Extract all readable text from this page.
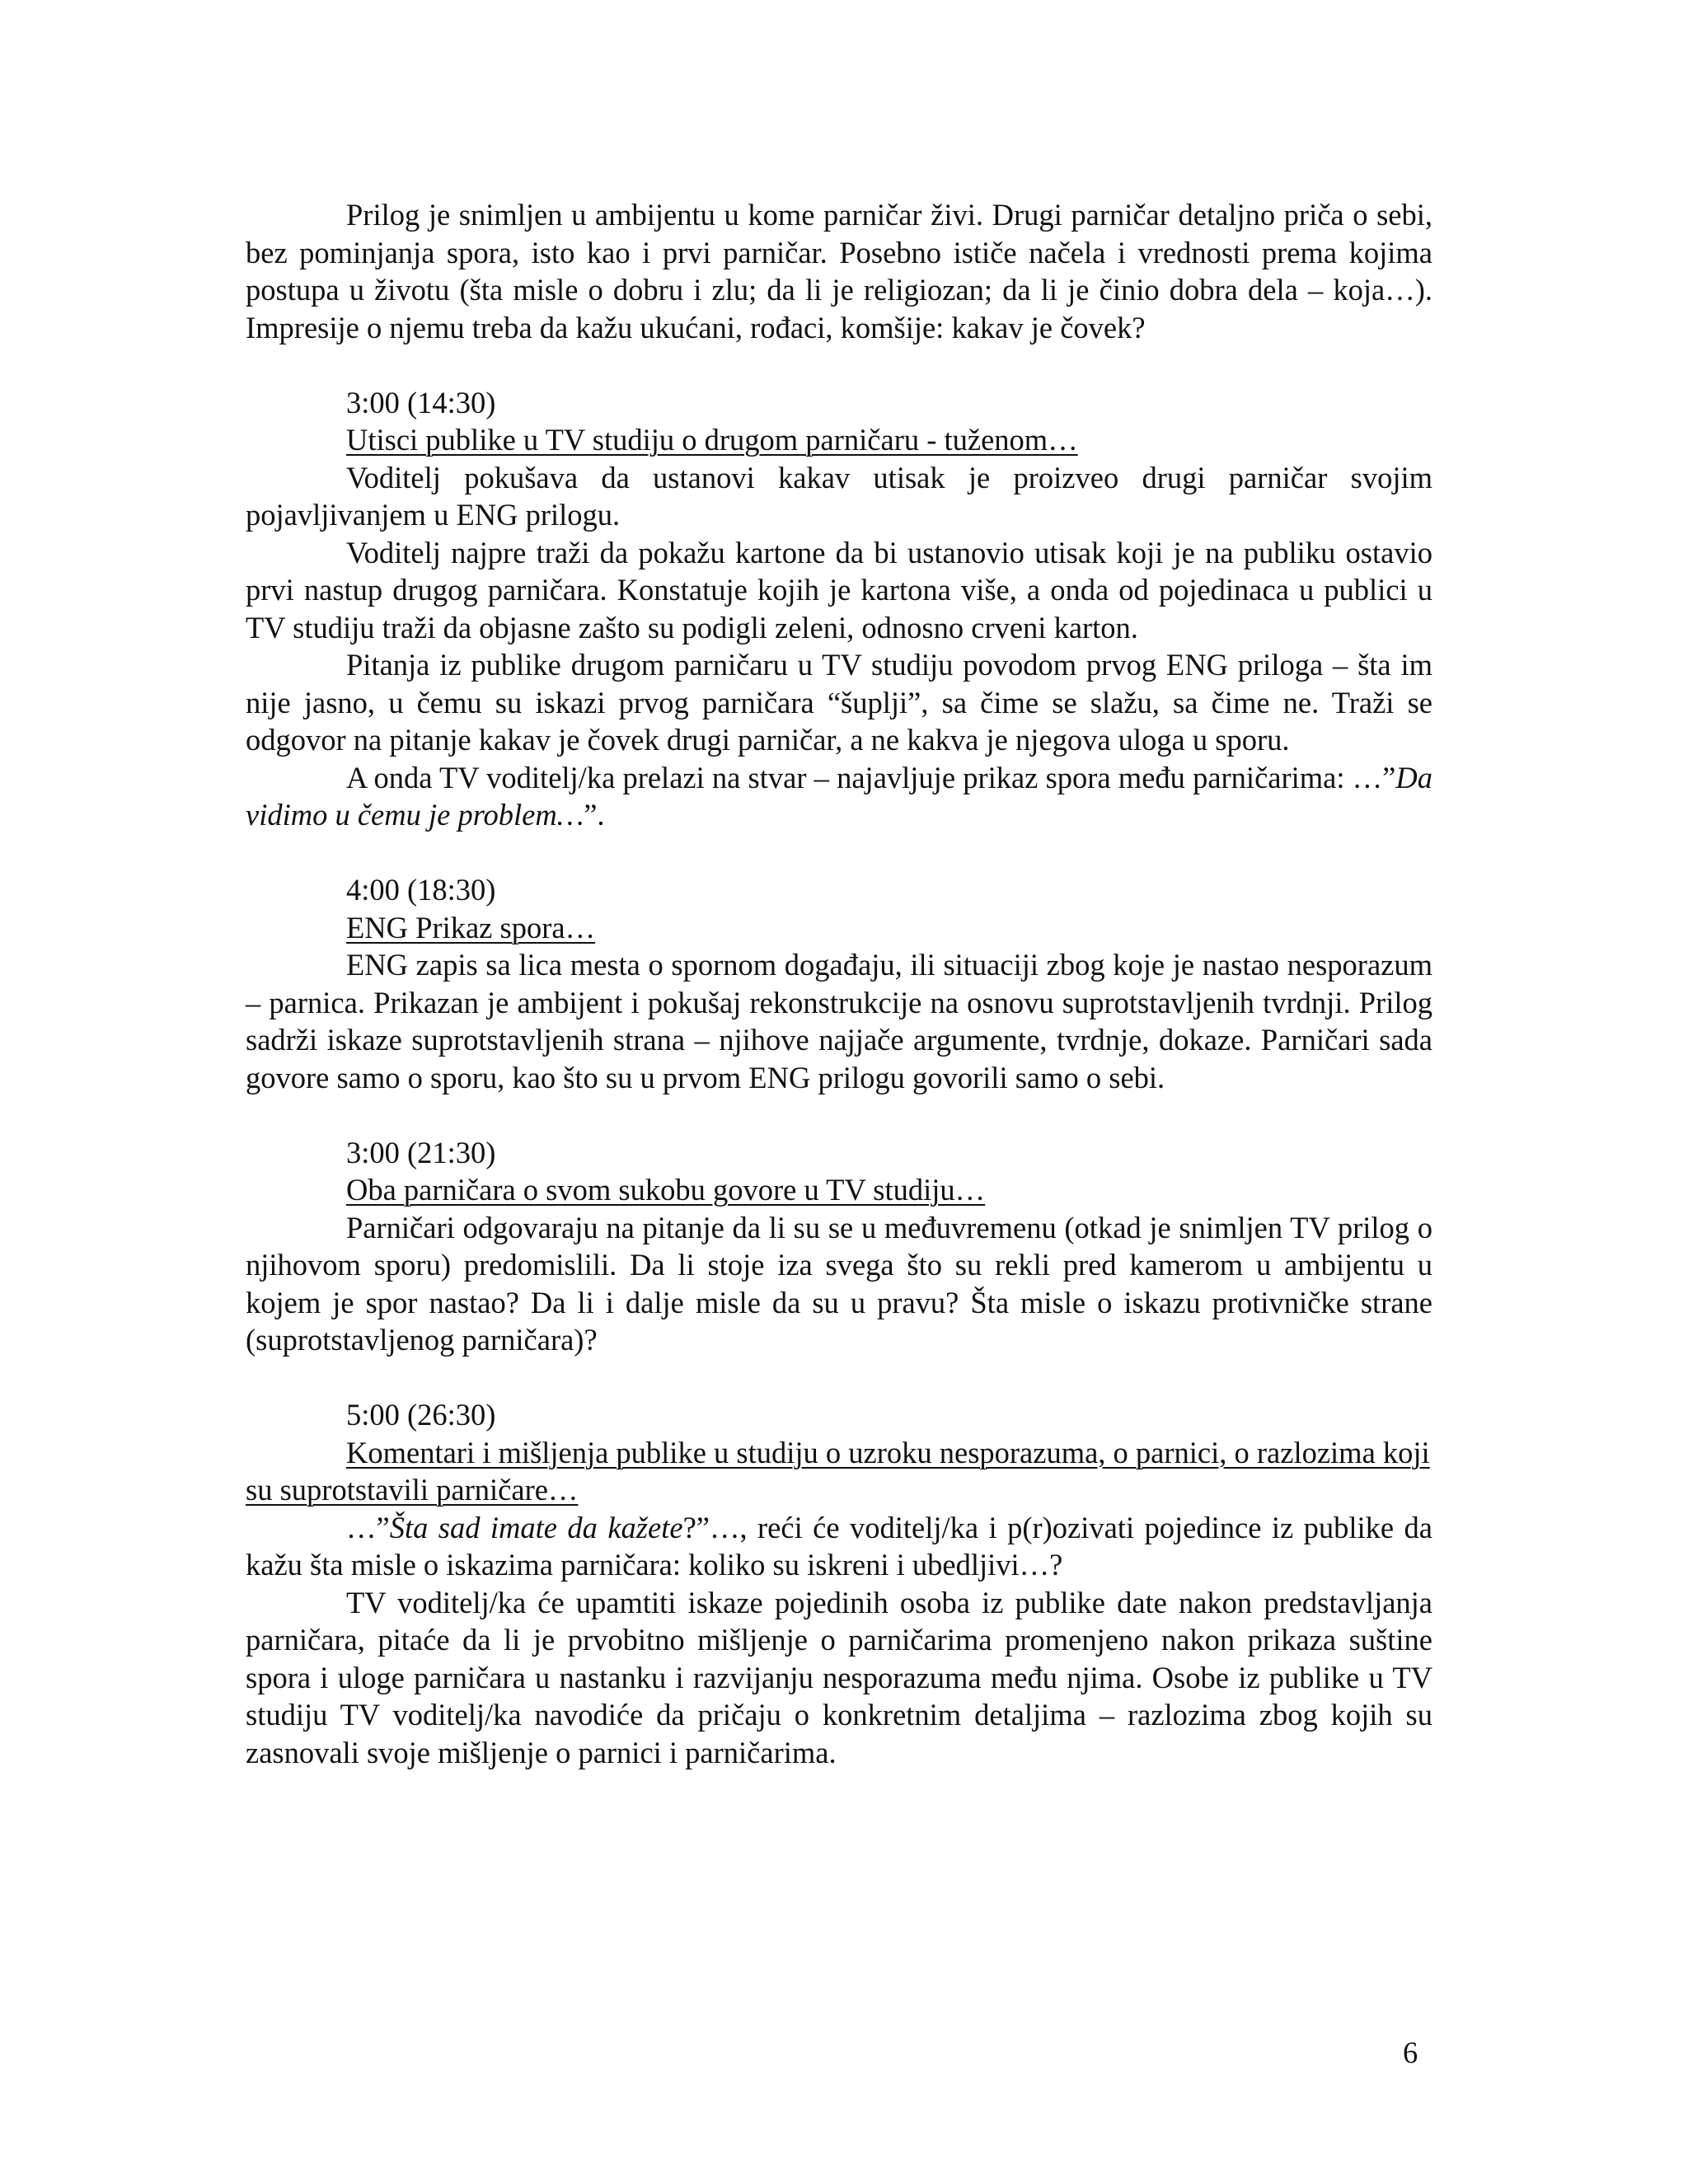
Prilog je snimljen u ambijentu u kome parničar živi. Drugi parničar detaljno priča o sebi, bez pominjanja spora, isto kao i prvi parničar. Posebno ističe načela i vrednosti prema kojima postupa u životu (šta misle o dobru i zlu; da li je religiozan; da li je činio dobra dela – koja…). Impresije o njemu treba da kažu ukućani, rođaci, komšije: kakav je čovek?

3:00 (14:30)

Utisci publike u TV studiju o drugom parničaru - tuženom…

Voditelj pokušava da ustanovi kakav utisak je proizveo drugi parničar svojim pojavljivanjem u ENG prilogu.

Voditelj najpre traži da pokažu kartone da bi ustanovio utisak koji je na publiku ostavio prvi nastup drugog parničara. Konstatuje kojih je kartona više, a onda od pojedinaca u publici u TV studiju traži da objasne zašto su podigli zeleni, odnosno crveni karton.

Pitanja iz publike drugom parničaru u TV studiju povodom prvog ENG priloga – šta im nije jasno, u čemu su iskazi prvog parničara “šuplji”, sa čime se slažu, sa čime ne. Traži se odgovor na pitanje kakav je čovek drugi parničar, a ne kakva je njegova uloga u sporu.

A onda TV voditelj/ka prelazi na stvar – najavljuje prikaz spora među parničarima: …”Da vidimo u čemu je problem…”.

4:00 (18:30)

ENG Prikaz spora…

ENG zapis sa lica mesta o spornom događaju, ili situaciji zbog koje je nastao nesporazum – parnica. Prikazan je ambijent i pokušaj rekonstrukcije na osnovu suprotstavljenih tvrdnji. Prilog sadrži iskaze suprotstavljenih strana – njihove najjače argumente, tvrdnje, dokaze. Parničari sada govore samo o sporu, kao što su u prvom ENG prilogu govorili samo o sebi.

3:00 (21:30)

Oba parničara o svom sukobu govore u TV studiju…

Parničari odgovaraju na pitanje da li su se u međuvremenu (otkad je snimljen TV prilog o njihovom sporu) predomislili. Da li stoje iza svega što su rekli pred kamerom u ambijentu u kojem je spor nastao? Da li i dalje misle da su u pravu? Šta misle o iskazu protivničke strane (suprotstavljenog parničara)?

5:00 (26:30)

Komentari i mišljenja publike u studiju o uzroku nesporazuma, o parnici, o razlozima koji su suprotstavili parničare…

…”Šta sad imate da kažete?”…, reći će voditelj/ka i p(r)ozivati pojedince iz publike da kažu šta misle o iskazima parničara: koliko su iskreni i ubedljivi…?

TV voditelj/ka će upamtiti iskaze pojedinih osoba iz publike date nakon predstavljanja parničara, pitaće da li je prvobitno mišljenje o parničarima promenjeno nakon prikaza suštine spora i uloge parničara u nastanku i razvijanju nesporazuma među njima. Osobe iz publike u TV studiju TV voditelj/ka navodiće da pričaju o konkretnim detaljima – razlozima zbog kojih su zasnovali svoje mišljenje o parnici i parničarima.

6
